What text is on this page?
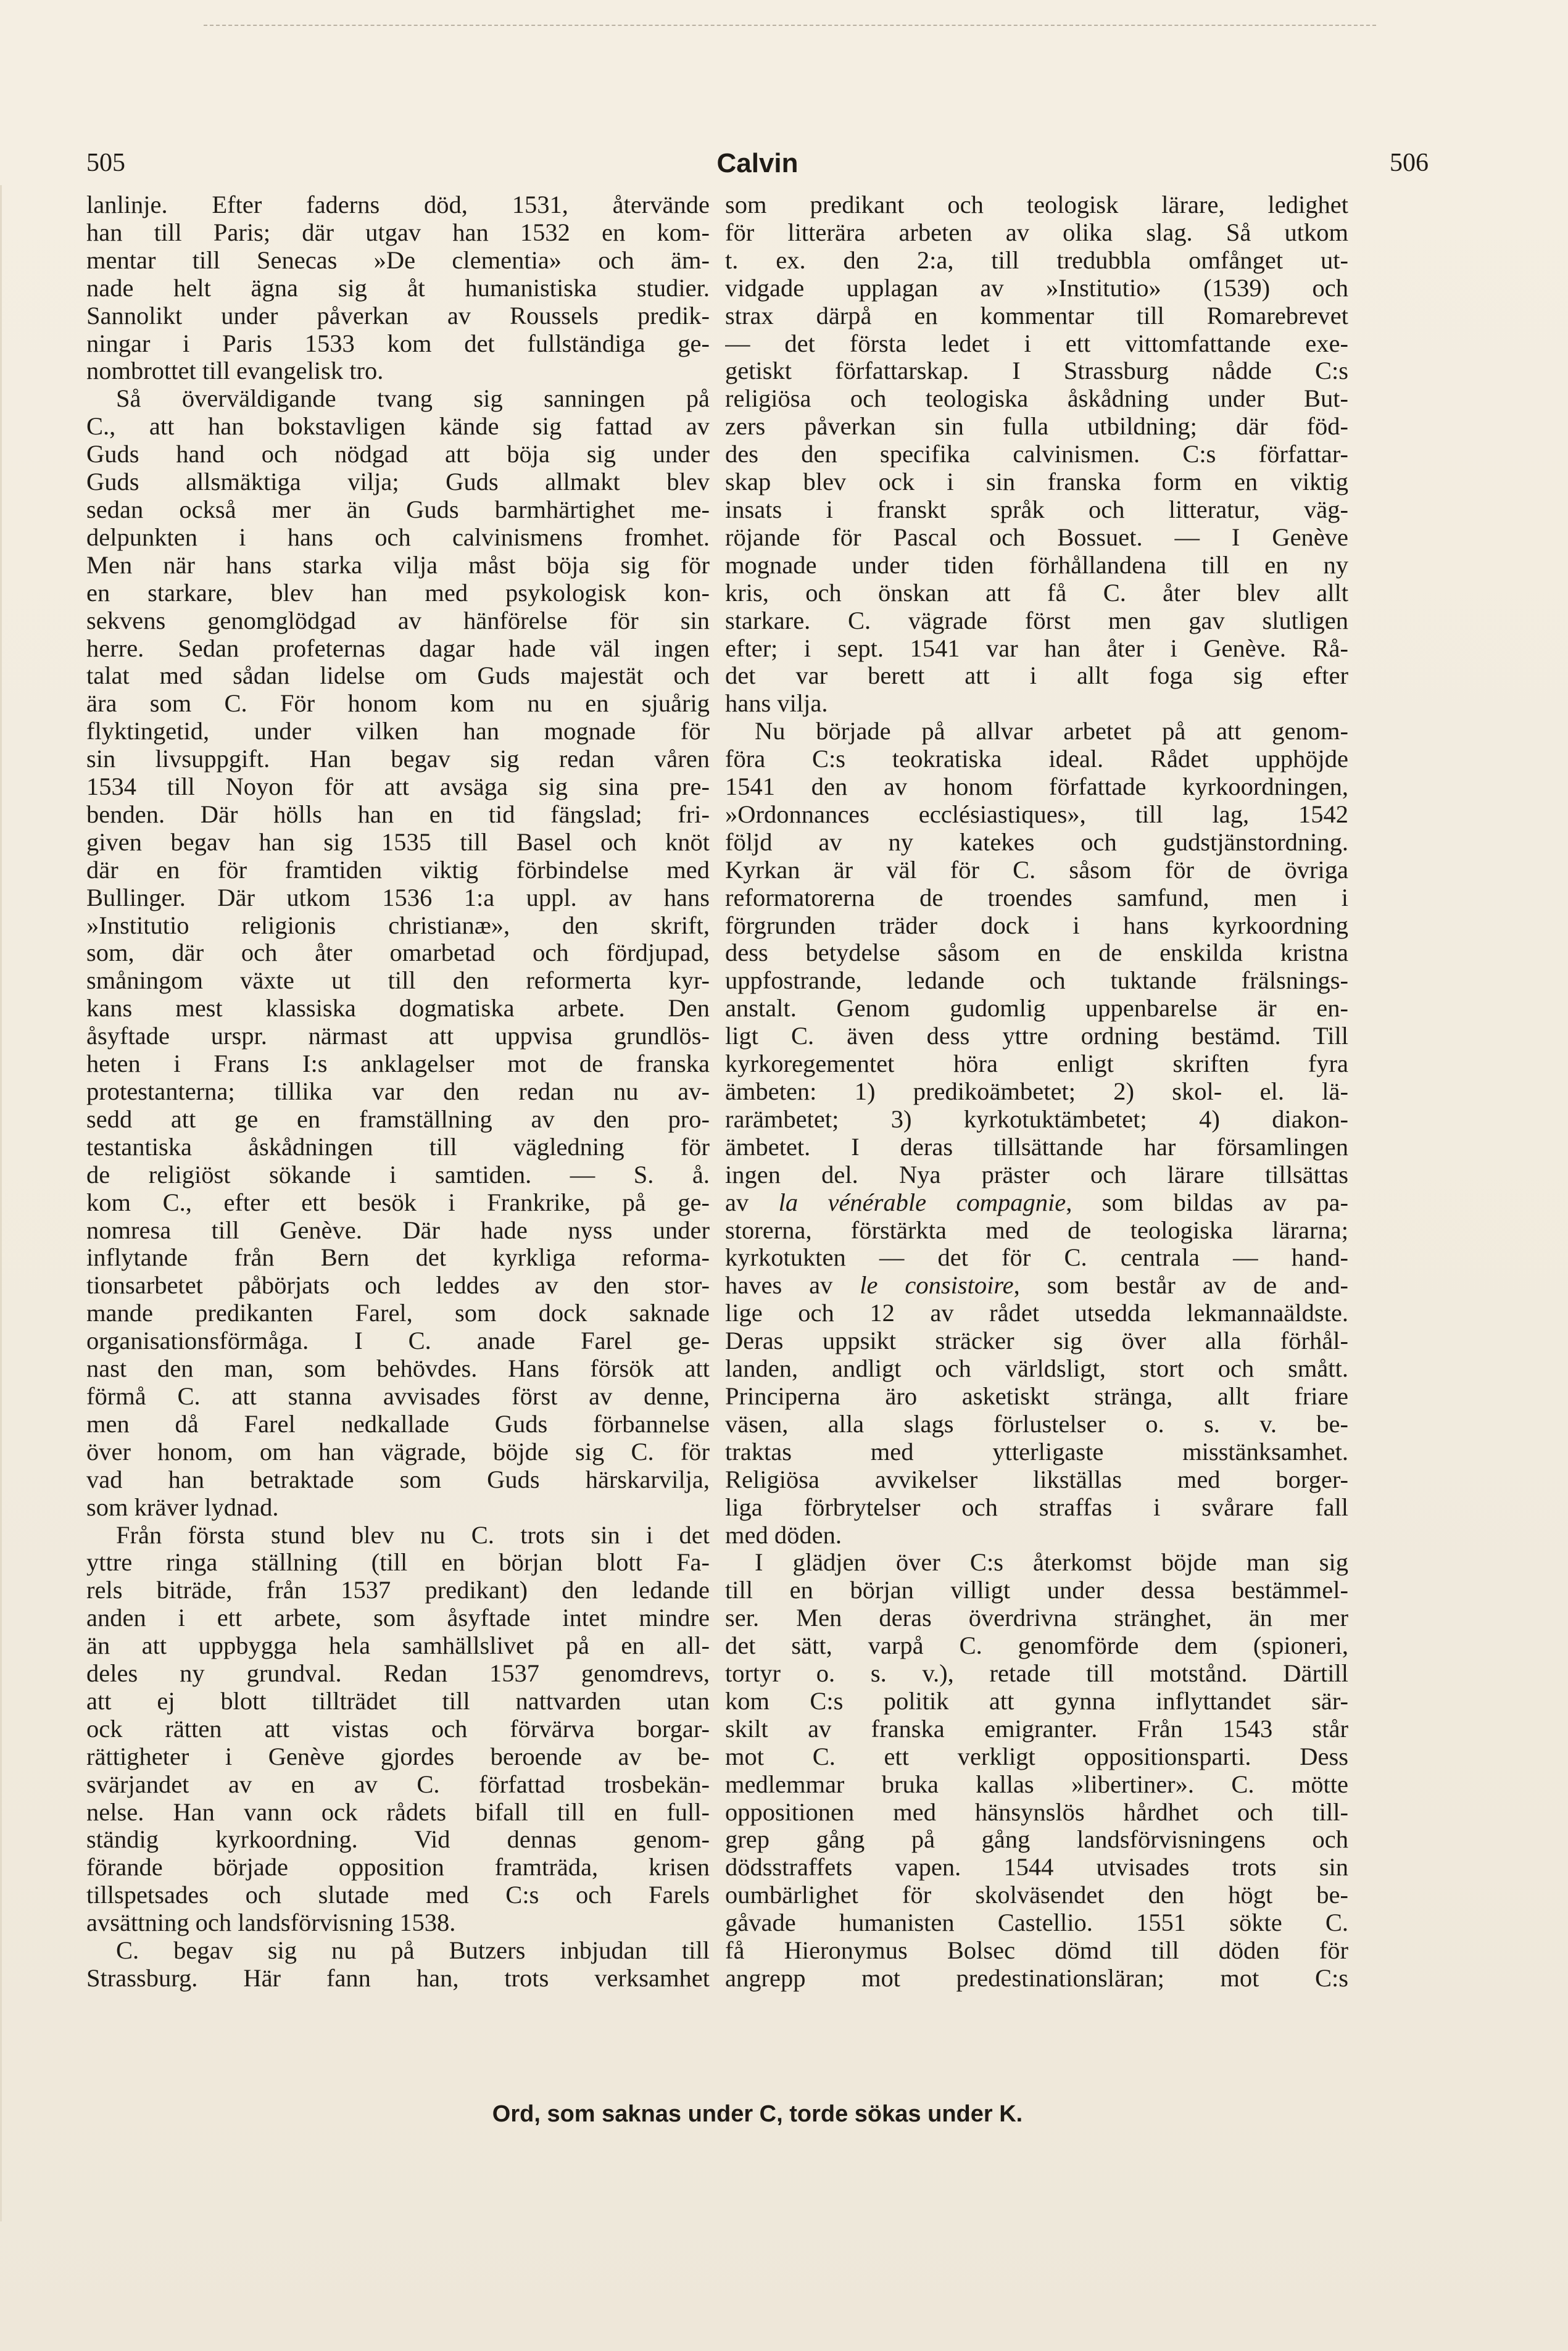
505	Calvin	506
lanlinje. Efter faderns död, 1531, återvände
han till Paris; där utgav han 1532 en kom-
mentar till Senecas »De clementia» och äm-
nade helt ägna sig åt humanistiska studier.
Sannolikt under påverkan av Roussels predik-
ningar i Paris 1533 kom det fullständiga ge-
nombrottet till evangelisk tro.
Så överväldigande tvang sig sanningen på
C., att han bokstavligen kände sig fattad av
Guds hand och nödgad att böja sig under
Guds allsmäktiga vilja; Guds allmakt blev
sedan också mer än Guds barmhärtighet me-
delpunkten i hans och calvinismens fromhet.
Men när hans starka vilja måst böja sig för
en starkare, blev han med psykologisk kon-
sekvens genomglödgad av hänförelse för sin
herre. Sedan profeternas dagar hade väl ingen
talat med sådan lidelse om Guds majestät och
ära som C. För honom kom nu en sjuårig
flyktingetid, under vilken han mognade för
sin livsuppgift. Han begav sig redan våren
1534 till Noyon för att avsäga sig sina pre-
benden. Där hölls han en tid fängslad; fri-
given begav han sig 1535 till Basel och knöt
där en för framtiden viktig förbindelse med
Bullinger. Där utkom 1536 1:a uppl. av hans
»Institutio religionis christianæ», den skrift,
som, där och åter omarbetad och fördjupad,
småningom växte ut till den reformerta kyr-
kans mest klassiska dogmatiska arbete. Den
åsyftade urspr. närmast att uppvisa grundlös-
heten i Frans I:s anklagelser mot de franska
protestanterna; tillika var den redan nu av-
sedd att ge en framställning av den pro-
testantiska åskådningen till vägledning för
de religiöst sökande i samtiden. — S. å.
kom C., efter ett besök i Frankrike, på ge-
nomresa till Genève. Där hade nyss under
inflytande från Bern det kyrkliga reforma-
tionsarbetet påbörjats och leddes av den stor-
mande predikanten Farel, som dock saknade
organisationsförmåga. I C. anade Farel ge-
nast den man, som behövdes. Hans försök att
förmå C. att stanna avvisades först av denne,
men då Farel nedkallade Guds förbannelse
över honom, om han vägrade, böjde sig C. för
vad han betraktade som Guds härskarvilja,
som kräver lydnad.
Från första stund blev nu C. trots sin i det
yttre ringa ställning (till en början blott Fa-
rels biträde, från 1537 predikant) den ledande
anden i ett arbete, som åsyftade intet mindre
än att uppbygga hela samhällslivet på en all-
deles ny grundval. Redan 1537 genomdrevs,
att ej blott tillträdet till nattvarden utan
ock rätten att vistas och förvärva borgar-
rättigheter i Genève gjordes beroende av be-
svärjandet av en av C. författad trosbekän-
nelse. Han vann ock rådets bifall till en full-
ständig kyrkoordning. Vid dennas genom-
förande började opposition framträda, krisen
tillspetsades och slutade med C:s och Farels
avsättning och landsförvisning 1538.
C. begav sig nu på Butzers inbjudan till
Strassburg. Här fann han, trots verksamhet
som predikant och teologisk lärare, ledighet
för litterära arbeten av olika slag. Så utkom
t. ex. den 2:a, till tredubbla omfånget ut-
vidgade upplagan av »Institutio» (1539) och
strax därpå en kommentar till Romarebrevet
— det första ledet i ett vittomfattande exe-
getiskt författarskap. I Strassburg nådde C:s
religiösa och teologiska åskådning under But-
zers påverkan sin fulla utbildning; där föd-
des den specifika calvinismen. C:s författar-
skap blev ock i sin franska form en viktig
insats i franskt språk och litteratur, väg-
röjande för Pascal och Bossuet. — I Genève
mognade under tiden förhållandena till en ny
kris, och önskan att få C. åter blev allt
starkare. C. vägrade först men gav slutligen
efter; i sept. 1541 var han åter i Genève. Rå-
det var berett att i allt foga sig efter
hans vilja.
Nu började på allvar arbetet på att genom-
föra C:s teokratiska ideal. Rådet upphöjde
1541 den av honom författade kyrkoordningen,
»Ordonnances ecclésiastiques», till lag, 1542
följd av ny katekes och gudstjänstordning.
Kyrkan är väl för C. såsom för de övriga
reformatorerna de troendes samfund, men i
förgrunden träder dock i hans kyrkoordning
dess betydelse såsom en de enskilda kristna
uppfostrande, ledande och tuktande frälsnings-
anstalt. Genom gudomlig uppenbarelse är en-
ligt C. även dess yttre ordning bestämd. Till
kyrkoregementet höra enligt skriften fyra
ämbeten: 1) predikoämbetet; 2) skol- el. lä-
rarämbetet; 3) kyrkotuktämbetet; 4) diakon-
ämbetet. I deras tillsättande har församlingen
ingen del. Nya präster och lärare tillsättas
av la vénérable compagnie, som bildas av pa-
storerna, förstärkta med de teologiska lärarna;
kyrkotukten — det för C. centrala — hand-
haves av le consistoire, som består av de and-
lige och 12 av rådet utsedda lekmannaäldste.
Deras uppsikt sträcker sig över alla förhål-
landen, andligt och världsligt, stort och smått.
Principerna äro asketiskt stränga, allt friare
väsen, alla slags förlustelser o. s. v. be-
traktas med ytterligaste misstänksamhet.
Religiösa avvikelser likställas med borger-
liga förbrytelser och straffas i svårare fall
med döden.
I glädjen över C:s återkomst böjde man sig
till en början villigt under dessa bestämmel-
ser. Men deras överdrivna stränghet, än mer
det sätt, varpå C. genomförde dem (spioneri,
tortyr o. s. v.), retade till motstånd. Därtill
kom C:s politik att gynna inflyttandet sär-
skilt av franska emigranter. Från 1543 står
mot C. ett verkligt oppositionsparti. Dess
medlemmar bruka kallas »libertiner». C. mötte
oppositionen med hänsynslös hårdhet och till-
grep gång på gång landsförvisningens och
dödsstraffets vapen. 1544 utvisades trots sin
oumbärlighet för skolväsendet den högt be-
gåvade humanisten Castellio. 1551 sökte C.
få Hieronymus Bolsec dömd till döden för
angrepp mot predestinationsläran; mot C:s
Ord, som saknas under C, torde sökas under K.
